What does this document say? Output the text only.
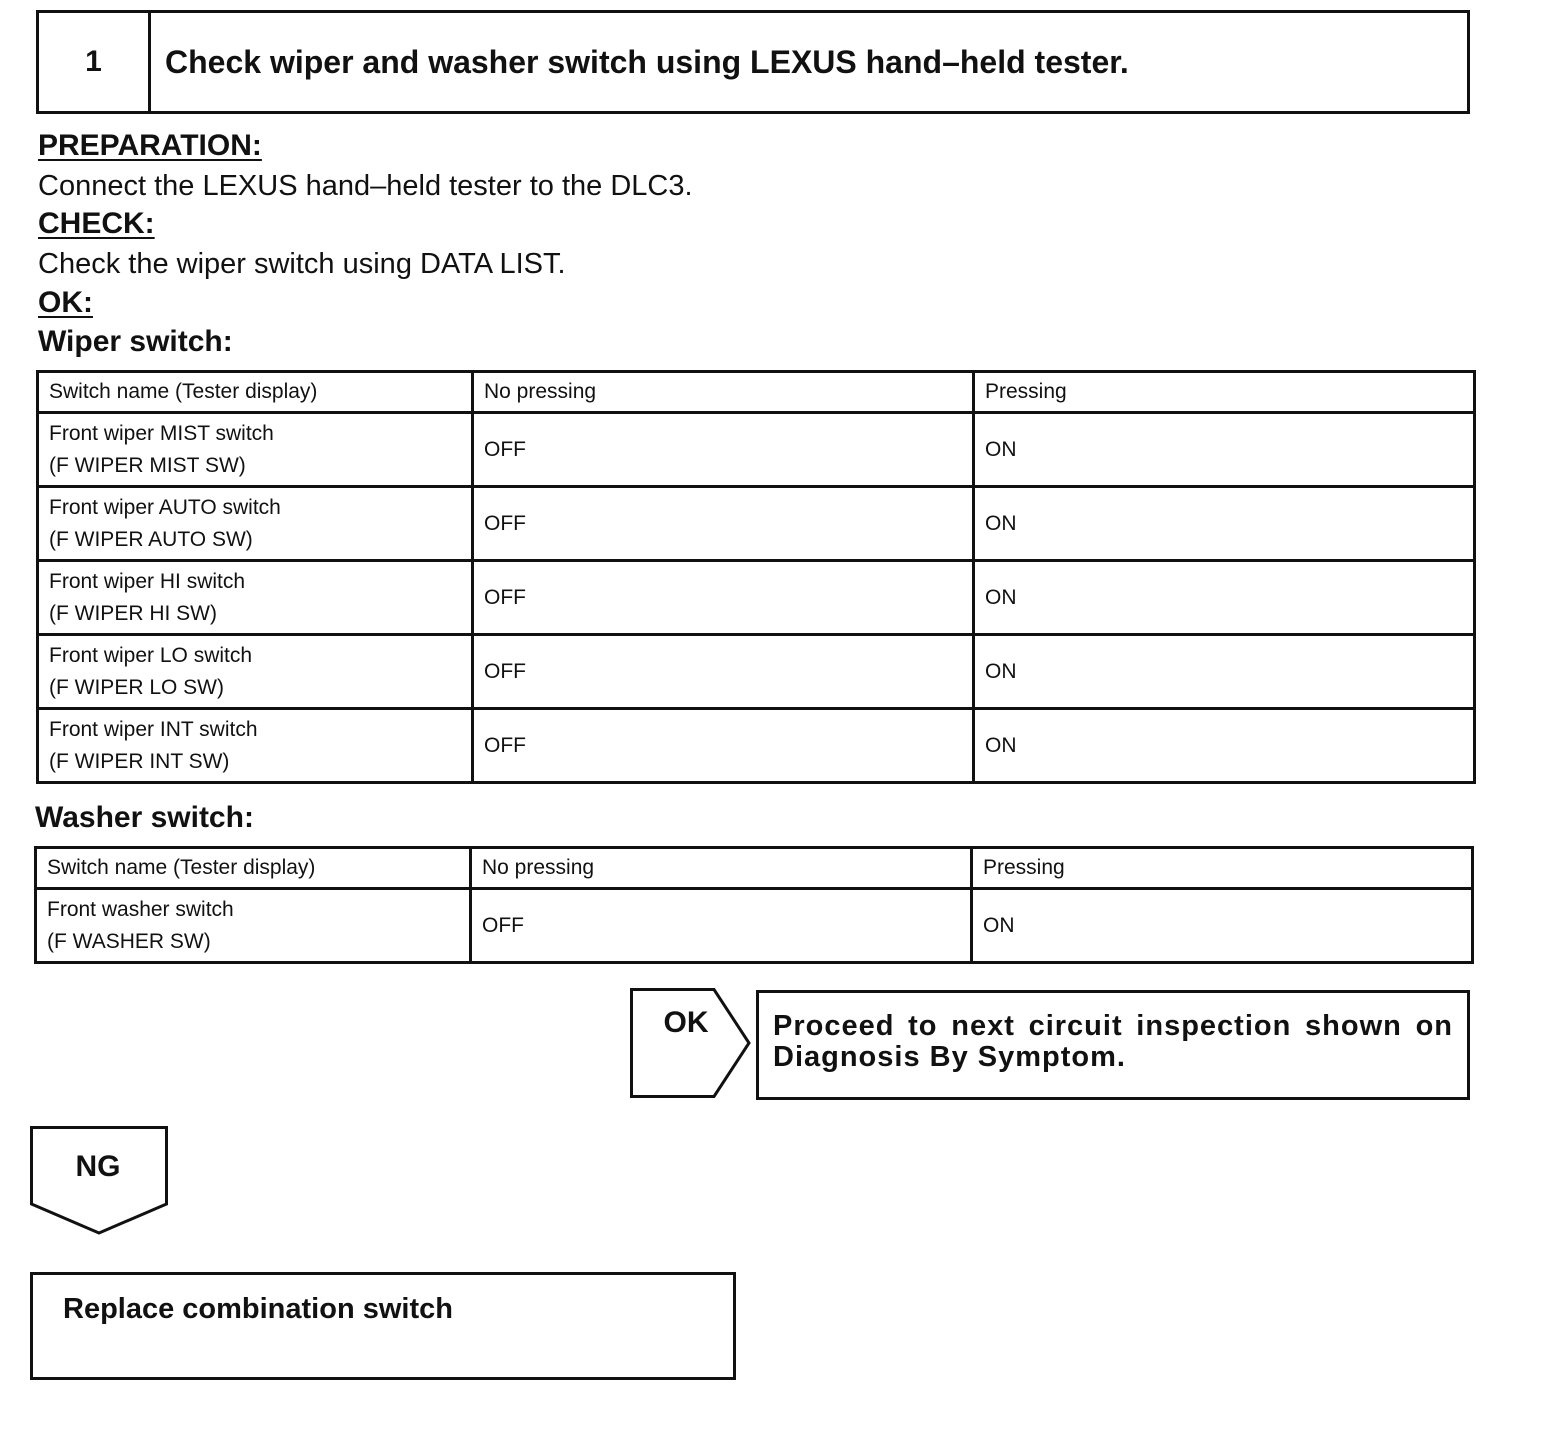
1	Check wiper and washer switch using LEXUS hand–held tester.
PREPARATION:
Connect the LEXUS hand–held tester to the DLC3.
CHECK:
Check the wiper switch using DATA LIST.
OK:
Wiper switch:
Switch name (Tester display)	No pressing	Pressing

Front wiper MIST switch
(F WIPER MIST SW)	OFF	ON

Front wiper AUTO switch
(F WIPER AUTO SW)	OFF	ON

Front wiper HI switch
(F WIPER HI SW)	OFF	ON

Front wiper LO switch
(F WIPER LO SW)	OFF	ON

Front wiper INT switch
(F WIPER INT SW)	OFF	ON
Washer switch:
Switch name (Tester display)	No pressing	Pressing

Front washer switch
(F WASHER SW)	OFF	ON
OK	Proceed to next circuit inspection shown on Diagnosis By Symptom.
NG
Replace combination switch
